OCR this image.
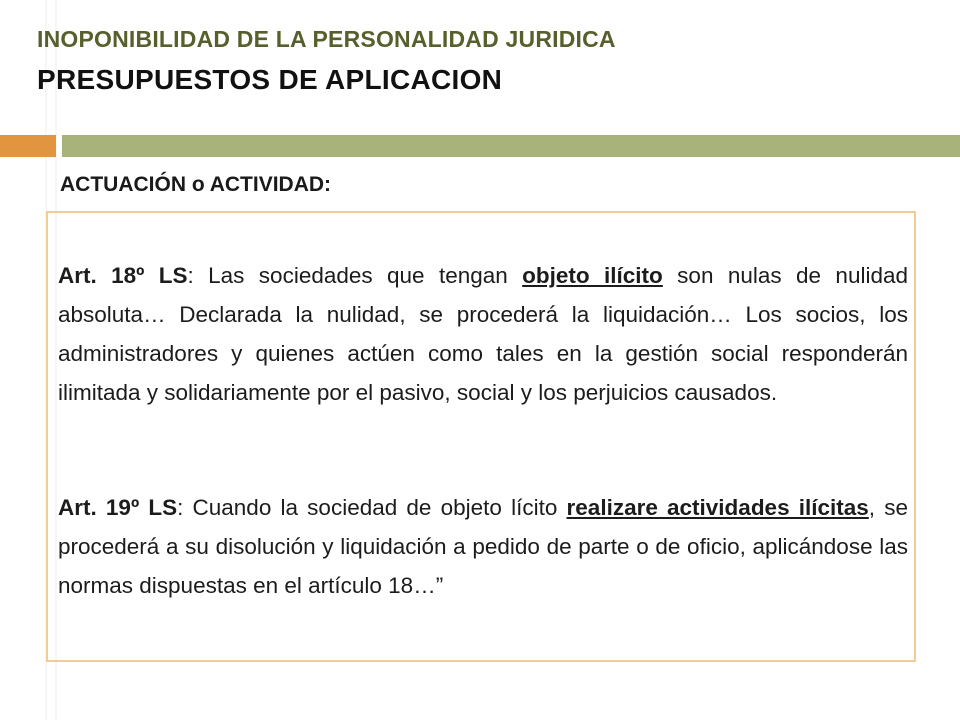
INOPONIBILIDAD DE LA PERSONALIDAD JURIDICA
PRESUPUESTOS DE APLICACION
ACTUACIÓN o ACTIVIDAD:

Art. 18º LS: Las sociedades que tengan objeto ilícito son nulas de nulidad absoluta… Declarada la nulidad, se procederá la liquidación… Los socios, los administradores y quienes actúen como tales en la gestión social responderán ilimitada y solidariamente por el pasivo, social y los perjuicios causados.

Art. 19º LS: Cuando la sociedad de objeto lícito realizare actividades ilícitas, se procederá a su disolución y liquidación a pedido de parte o de oficio, aplicándose las normas dispuestas en el artículo 18…”
